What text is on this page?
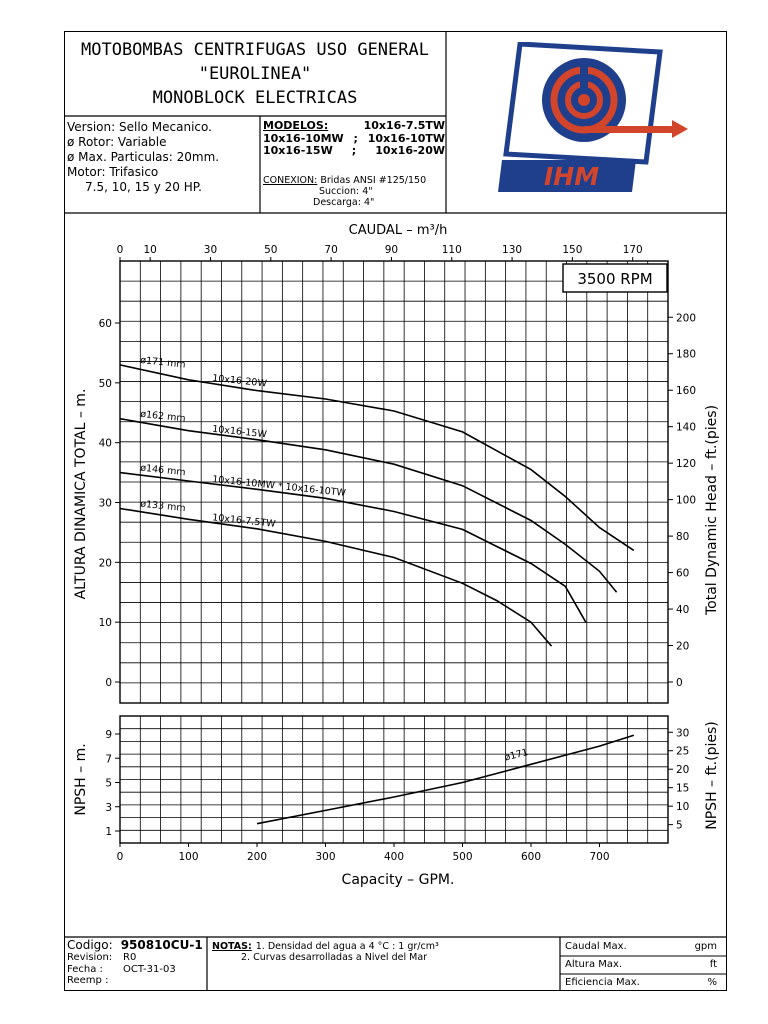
MOTOBOMBAS CENTRIFUGAS USO GENERAL
"EUROLINEA"
MONOBLOCK ELECTRICAS
IHM
Version: Sello Mecanico.
ø Rotor: Variable
ø Max. Particulas: 20mm.
Motor: Trifasico
7.5, 10, 15 y 20 HP.
MODELOS:	10x16-7.5TW
10x16-10MW ; 10x16-10TW
10x16-15W ; 10x16-20W
CONEXION: Bridas ANSI #125/150
Succion: 4"
Descarga: 4"
CAUDAL – m³/h
0 10	30	50	70	90	110	130	150	170
3500 RPM
0
10
20
30
40
50
60
0
20
40
60
80
100
120
140
160
180
200
ALTURA DINAMICA TOTAL – m.	Total Dynamic Head – ft.(pies)
ø171 mm
10x16-20W
ø162 mm
10x16-15W
ø146 mm
10x16-10MW * 10x16-10TW
ø133 mm
10x16-7.5TW
1
3
5
7
9
5
10
15
20
25
30
0	100	200	300	400	500	600	700
Capacity – GPM.
NPSH – m.	NPSH – ft.(pies)
ø171
Codigo: 950810CU-1
Revision:	R0
Fecha :	OCT-31-03
Reemp :
NOTAS: 1. Densidad del agua a 4 °C : 1 gr/cm³
2. Curvas desarrolladas a Nivel del Mar
Caudal Max.	gpm
Altura Max.	ft
Eficiencia Max.	%
